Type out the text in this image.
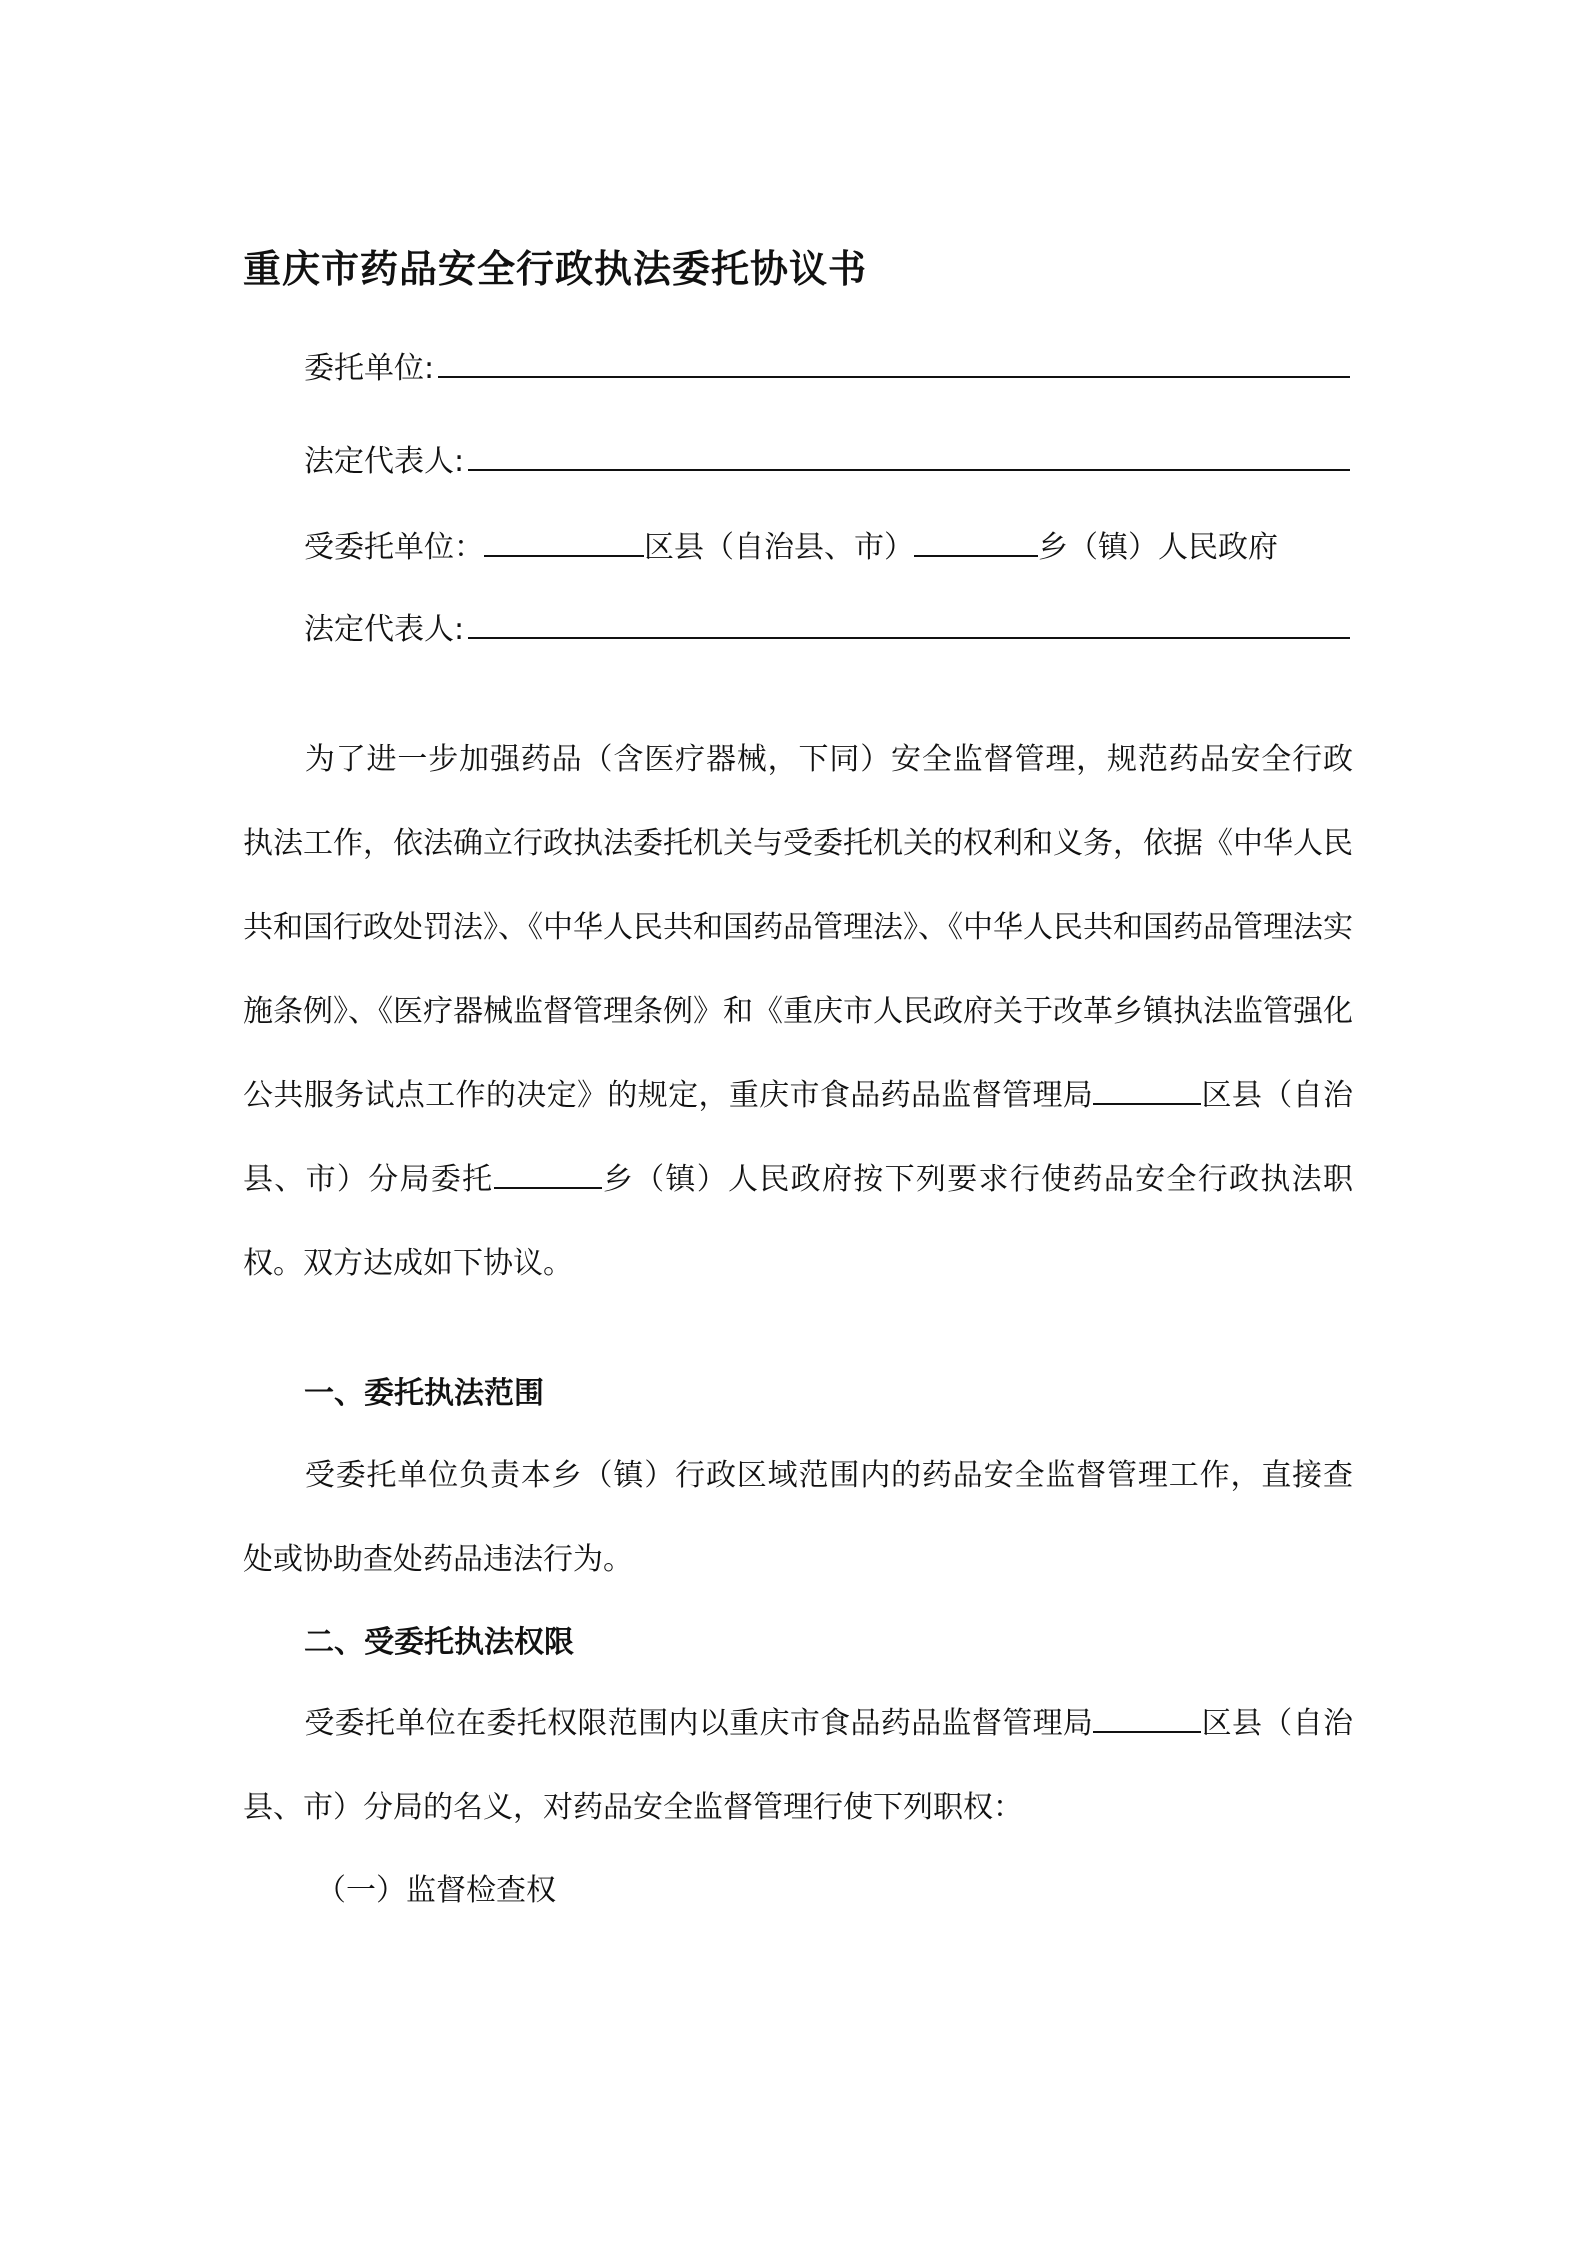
重庆市药品安全行政执法委托协议书
委托单位:
法定代表人:
受委托单位：	区县（自治县、市）	乡（镇）人民政府
法定代表人:
为了进一步加强药品（含医疗器械，下同）安全监督管理，规范药品安全行政执法工作，依法确立行政执法委托机关与受委托机关的权利和义务，依据《中华人民共和国行政处罚法》、《中华人民共和国药品管理法》、《中华人民共和国药品管理法实施条例》、《医疗器械监督管理条例》和《重庆市人民政府关于改革乡镇执法监管强化公共服务试点工作的决定》的规定，重庆市食品药品监督管理局	区县（自治县、市）分局委托	乡（镇）人民政府按下列要求行使药品安全行政执法职权。双方达成如下协议。
一、委托执法范围
受委托单位负责本乡（镇）行政区域范围内的药品安全监督管理工作，直接查处或协助查处药品违法行为。
二、受委托执法权限
受委托单位在委托权限范围内以重庆市食品药品监督管理局	区县（自治县、市）分局的名义，对药品安全监督管理行使下列职权：
（一）监督检查权
